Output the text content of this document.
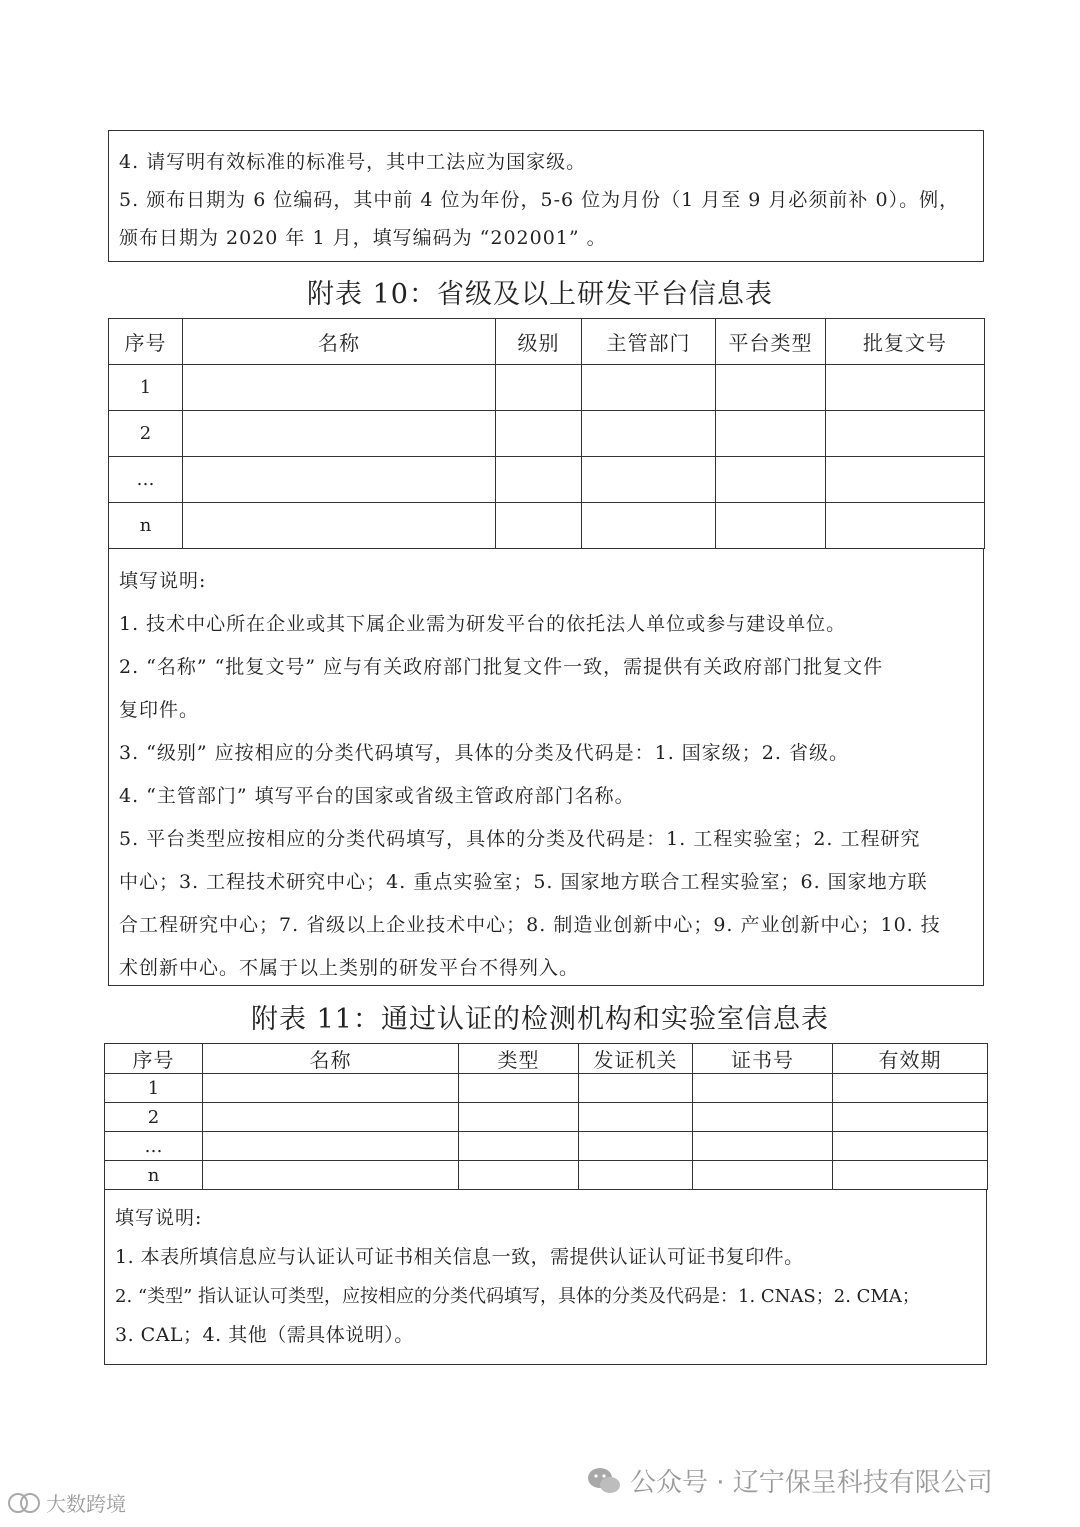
4. 请写明有效标准的标准号，其中工法应为国家级。

5. 颁布日期为 6 位编码，其中前 4 位为年份，5-6 位为月份（1 月至 9 月必须前补 0）。例，

颁布日期为 2020 年 1 月，填写编码为 “202001” 。

附表 10：省级及以上研发平台信息表
序号	名称	级别	主管部门	平台类型	批复文号
1					
2					
…					
n					

填写说明:

1. 技术中心所在企业或其下属企业需为研发平台的依托法人单位或参与建设单位。

2. “名称” “批复文号” 应与有关政府部门批复文件一致，需提供有关政府部门批复文件

复印件。

3. “级别” 应按相应的分类代码填写，具体的分类及代码是：1. 国家级；2. 省级。

4. “主管部门” 填写平台的国家或省级主管政府部门名称。

5. 平台类型应按相应的分类代码填写，具体的分类及代码是：1. 工程实验室；2. 工程研究

中心；3. 工程技术研究中心；4. 重点实验室；5. 国家地方联合工程实验室；6. 国家地方联

合工程研究中心；7. 省级以上企业技术中心；8. 制造业创新中心；9. 产业创新中心；10. 技

术创新中心。不属于以上类别的研发平台不得列入。

附表 11：通过认证的检测机构和实验室信息表
序号	名称	类型	发证机关	证书号	有效期
1					
2					
…					
n					

填写说明:

1. 本表所填信息应与认证认可证书相关信息一致，需提供认证认可证书复印件。

2. “类型” 指认证认可类型，应按相应的分类代码填写，具体的分类及代码是：1. CNAS；2. CMA；

3. CAL；4. 其他（需具体说明）。

大数跨境
公众号 · 辽宁保呈科技有限公司
